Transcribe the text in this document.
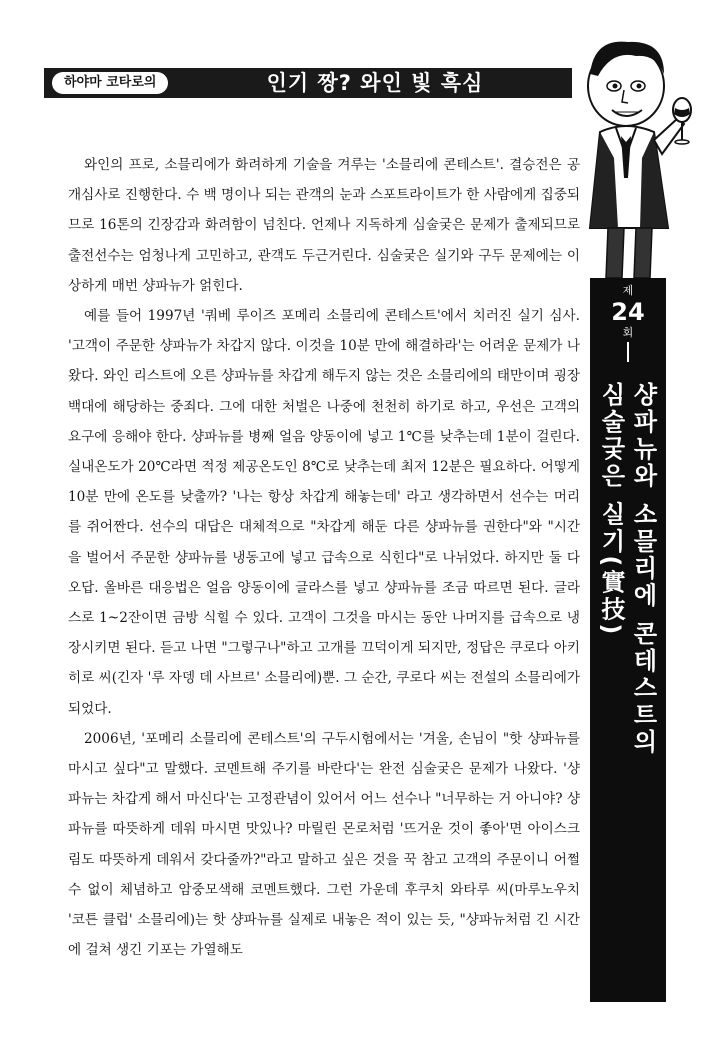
하야마 코타로의	인기 짱? 와인 빛 흑심
제
24
회
샹파뉴와 소믈리에 콘테스트의
심술궂은 실기(實技)

와인의 프로, 소믈리에가 화려하게 기술을 겨루는 '소믈리에 콘테스트'. 결승전은 공개심사로 진행한다. 수 백 명이나 되는 관객의 눈과 스포트라이트가 한 사람에게 집중되므로 16톤의 긴장감과 화려함이 넘친다. 언제나 지독하게 심술궂은 문제가 출제되므로 출전선수는 엄청나게 고민하고, 관객도 두근거린다. 심술궂은 실기와 구두 문제에는 이상하게 매번 샹파뉴가 얽힌다.

예를 들어 1997년 '쿼베 루이즈 포메리 소믈리에 콘테스트'에서 치러진 실기 심사. '고객이 주문한 샹파뉴가 차갑지 않다. 이것을 10분 만에 해결하라'는 어려운 문제가 나왔다. 와인 리스트에 오른 샹파뉴를 차갑게 해두지 않는 것은 소믈리에의 태만이며 굉장 백대에 해당하는 중죄다. 그에 대한 처벌은 나중에 천천히 하기로 하고, 우선은 고객의 요구에 응해야 한다. 샹파뉴를 병째 얼음 양동이에 넣고 1℃를 낮추는데 1분이 걸린다. 실내온도가 20℃라면 적정 제공온도인 8℃로 낮추는데 최저 12분은 필요하다. 어떻게 10분 만에 온도를 낮출까? '나는 항상 차갑게 해놓는데' 라고 생각하면서 선수는 머리를 쥐어짠다. 선수의 대답은 대체적으로 "차갑게 해둔 다른 샹파뉴를 권한다"와 "시간을 벌어서 주문한 샹파뉴를 냉동고에 넣고 급속으로 식힌다"로 나뉘었다. 하지만 둘 다 오답. 올바른 대응법은 얼음 양동이에 글라스를 넣고 샹파뉴를 조금 따르면 된다. 글라스로 1~2잔이면 금방 식힐 수 있다. 고객이 그것을 마시는 동안 나머지를 급속으로 냉장시키면 된다. 듣고 나면 "그렇구나"하고 고개를 끄덕이게 되지만, 정답은 쿠로다 아키히로 씨(긴자 '루 자뎅 데 사브르' 소믈리에)뿐. 그 순간, 쿠로다 씨는 전설의 소믈리에가 되었다.

2006년, '포메리 소믈리에 콘테스트'의 구두시험에서는 '겨울, 손님이 "핫 샹파뉴를 마시고 싶다"고 말했다. 코멘트해 주기를 바란다'는 완전 심술궂은 문제가 나왔다. '샹파뉴는 차갑게 해서 마신다'는 고정관념이 있어서 어느 선수나 "너무하는 거 아니야? 샹파뉴를 따뜻하게 데워 마시면 맛있나? 마릴린 몬로처럼 '뜨거운 것이 좋아'면 아이스크림도 따뜻하게 데워서 갖다줄까?"라고 말하고 싶은 것을 꾹 참고 고객의 주문이니 어쩔 수 없이 체념하고 암중모색해 코멘트했다. 그런 가운데 후쿠치 와타루 씨(마루노우치 '코튼 클럽' 소믈리에)는 핫 샹파뉴를 실제로 내놓은 적이 있는 듯, "샹파뉴처럼 긴 시간에 걸쳐 생긴 기포는 가열해도
